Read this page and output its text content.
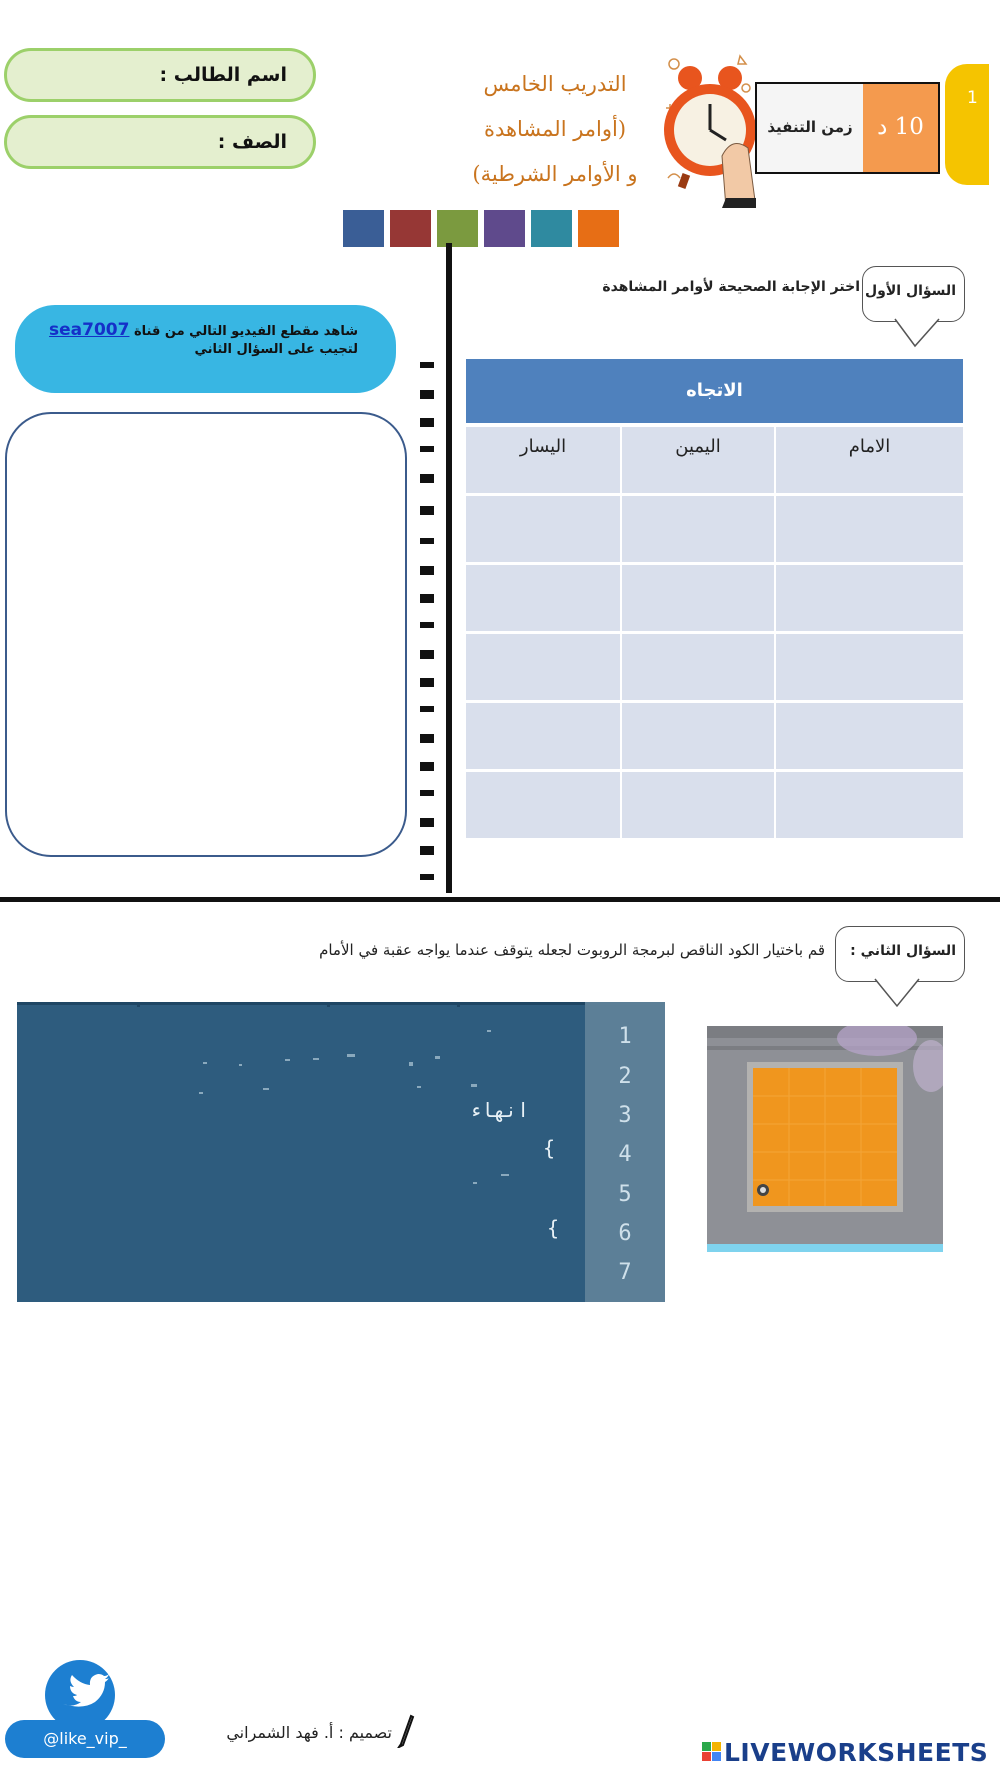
اسم الطالب :
الصف :
التدريب الخامس
(أوامر المشاهدة
و الأوامر الشرطية)
زمن التنفيذ	10 د
1
السؤال الأول
اختر الإجابة الصحيحة لأوامر المشاهدة
الاتجاه
الامام
اليمين
اليسار
شاهد مقطع الفيديو التالي من قناة sea7007
لتجيب على السؤال الثاني
السؤال الثاني :
قم باختيار الكود الناقص لبرمجة الروبوت لجعله يتوقف عندما يواجه عقبة في الأمام
انهاء
{
{
1
2
3
4
5
6
7
@like_vip_	تصميم : أ. فهد الشمراني
LIVEWORKSHEETS
